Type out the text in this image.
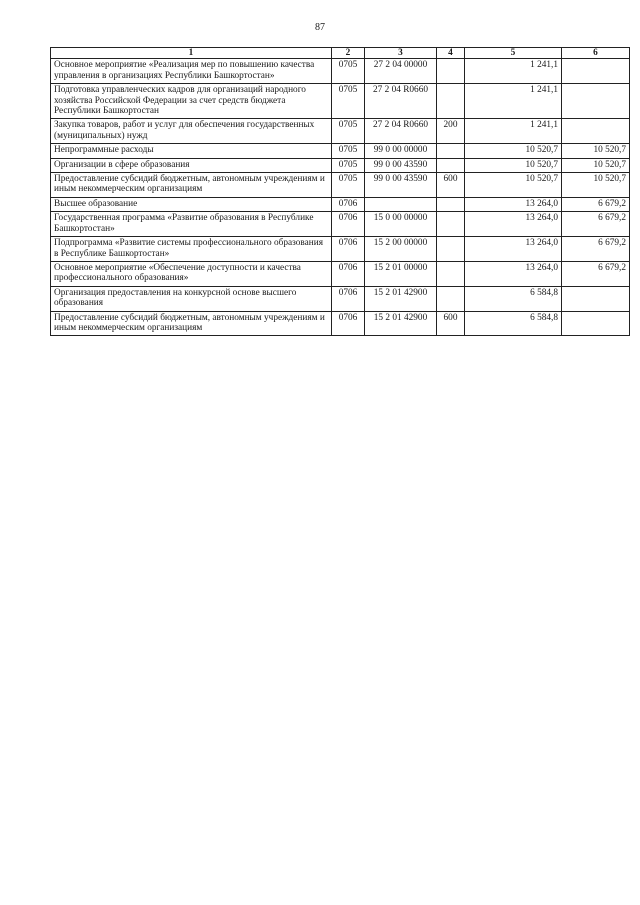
87
1	2	3	4	5	6
Основное мероприятие «Реализация мер по повышению качества управления в организациях Республики Башкортостан»	0705	27 2 04 00000		1 241,1	
Подготовка управленческих кадров для организаций народного хозяйства Российской Федерации за счет средств бюджета Республики Башкортостан	0705	27 2 04 R0660		1 241,1	
Закупка товаров, работ и услуг для обеспечения государственных (муниципальных) нужд	0705	27 2 04 R0660	200	1 241,1	
Непрограммные расходы	0705	99 0 00 00000		10 520,7	10 520,7
Организации в сфере образования	0705	99 0 00 43590		10 520,7	10 520,7
Предоставление субсидий бюджетным, автономным учреждениям и иным некоммерческим организациям	0705	99 0 00 43590	600	10 520,7	10 520,7
Высшее образование	0706			13 264,0	6 679,2
Государственная программа «Развитие образования в Республике Башкортостан»	0706	15 0 00 00000		13 264,0	6 679,2
Подпрограмма «Развитие системы профессионального образования в Республике Башкортостан»	0706	15 2 00 00000		13 264,0	6 679,2
Основное мероприятие «Обеспечение доступности и качества профессионального образования»	0706	15 2 01 00000		13 264,0	6 679,2
Организация предоставления на конкурсной основе высшего образования	0706	15 2 01 42900		6 584,8	
Предоставление субсидий бюджетным, автономным учреждениям и иным некоммерческим организациям	0706	15 2 01 42900	600	6 584,8	
